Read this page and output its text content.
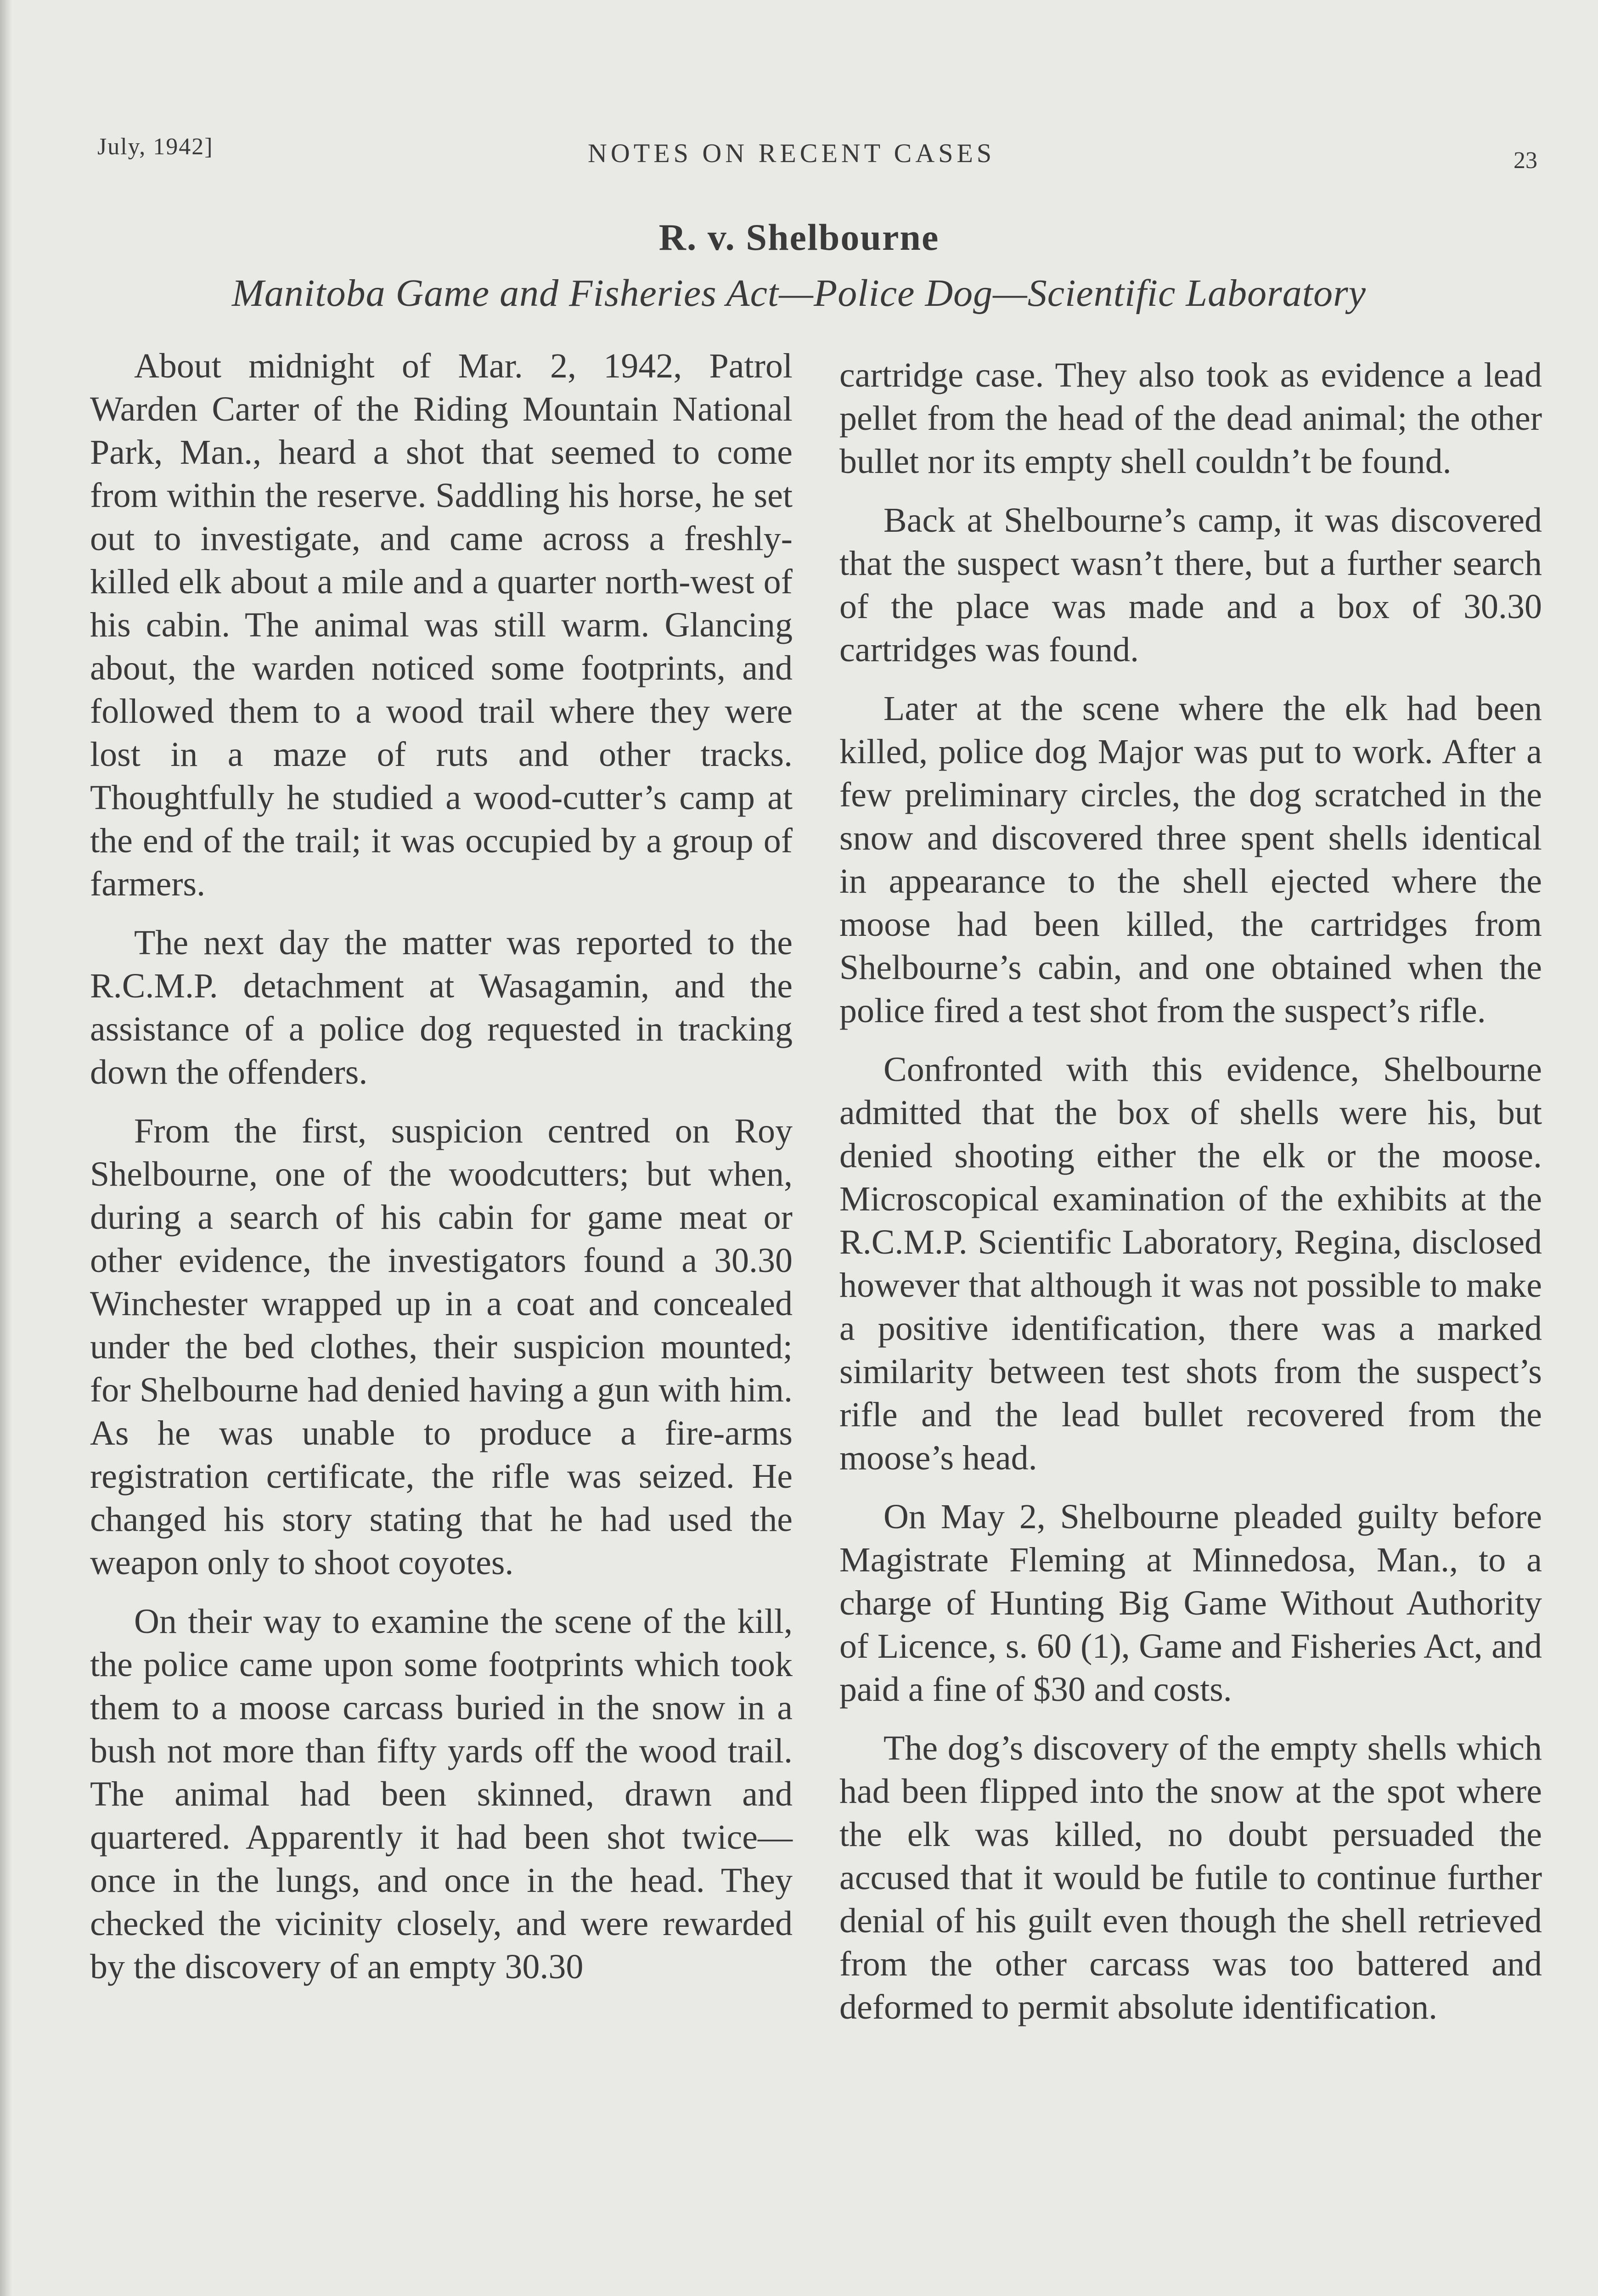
July, 1942]	NOTES ON RECENT CASES	23
R. v. Shelbourne
Manitoba Game and Fisheries Act—Police Dog—Scientific Laboratory

About midnight of Mar. 2, 1942, Patrol Warden Carter of the Riding Mountain National Park, Man., heard a shot that seemed to come from within the reserve. Saddling his horse, he set out to investigate, and came across a freshly-killed elk about a mile and a quarter north-west of his cabin. The animal was still warm. Glancing about, the warden noticed some footprints, and followed them to a wood trail where they were lost in a maze of ruts and other tracks. Thoughtfully he studied a wood-cutter’s camp at the end of the trail; it was occupied by a group of farmers.

The next day the matter was reported to the R.C.M.P. detachment at Wasagamin, and the assistance of a police dog requested in tracking down the offenders.

From the first, suspicion centred on Roy Shelbourne, one of the woodcutters; but when, during a search of his cabin for game meat or other evidence, the investigators found a 30.30 Winchester wrapped up in a coat and concealed under the bed clothes, their suspicion mounted; for Shelbourne had denied having a gun with him. As he was unable to produce a fire-arms registration certificate, the rifle was seized. He changed his story stating that he had used the weapon only to shoot coyotes.

On their way to examine the scene of the kill, the police came upon some footprints which took them to a moose carcass buried in the snow in a bush not more than fifty yards off the wood trail. The animal had been skinned, drawn and quartered. Apparently it had been shot twice—once in the lungs, and once in the head. They checked the vicinity closely, and were rewarded by the discovery of an empty 30.30

cartridge case. They also took as evidence a lead pellet from the head of the dead animal; the other bullet nor its empty shell couldn’t be found.

Back at Shelbourne’s camp, it was discovered that the suspect wasn’t there, but a further search of the place was made and a box of 30.30 cartridges was found.

Later at the scene where the elk had been killed, police dog Major was put to work. After a few preliminary circles, the dog scratched in the snow and discovered three spent shells identical in appearance to the shell ejected where the moose had been killed, the cartridges from Shelbourne’s cabin, and one obtained when the police fired a test shot from the suspect’s rifle.

Confronted with this evidence, Shelbourne admitted that the box of shells were his, but denied shooting either the elk or the moose. Microscopical examination of the exhibits at the R.C.M.P. Scientific Laboratory, Regina, disclosed however that although it was not possible to make a positive identification, there was a marked similarity between test shots from the suspect’s rifle and the lead bullet recovered from the moose’s head.

On May 2, Shelbourne pleaded guilty before Magistrate Fleming at Minnedosa, Man., to a charge of Hunting Big Game Without Authority of Licence, s. 60 (1), Game and Fisheries Act, and paid a fine of $30 and costs.

The dog’s discovery of the empty shells which had been flipped into the snow at the spot where the elk was killed, no doubt persuaded the accused that it would be futile to continue further denial of his guilt even though the shell retrieved from the other carcass was too battered and deformed to permit absolute identification.
